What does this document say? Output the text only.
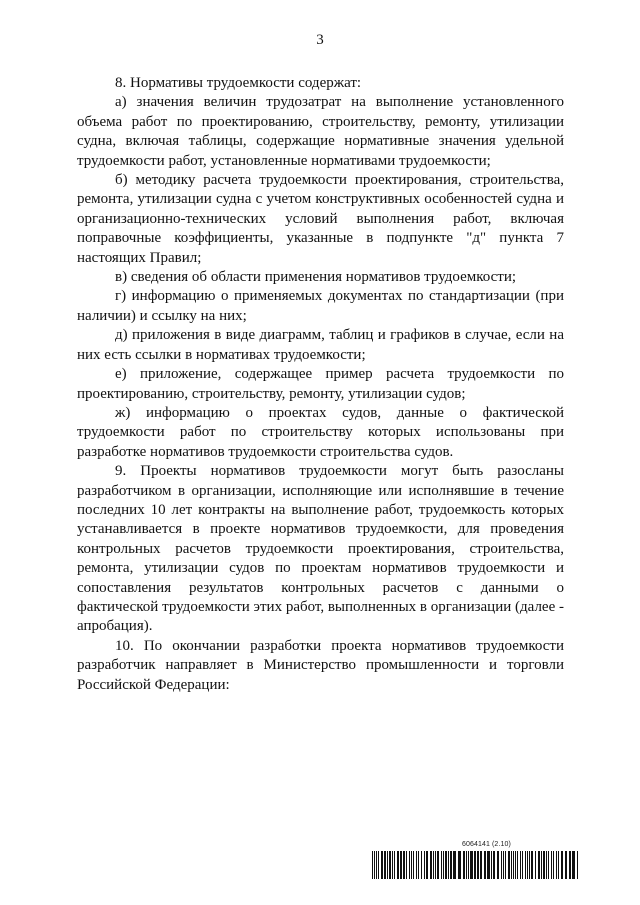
3

8. Нормативы трудоемкости содержат:

а) значения величин трудозатрат на выполнение установленного объема работ по проектированию, строительству, ремонту, утилизации судна, включая таблицы, содержащие нормативные значения удельной трудоемкости работ, установленные нормативами трудоемкости;

б) методику расчета трудоемкости проектирования, строительства, ремонта, утилизации судна с учетом конструктивных особенностей судна и организационно-технических условий выполнения работ, включая поправочные коэффициенты, указанные в подпункте "д" пункта 7 настоящих Правил;

в) сведения об области применения нормативов трудоемкости;

г) информацию о применяемых документах по стандартизации (при наличии) и ссылку на них;

д) приложения в виде диаграмм, таблиц и графиков в случае, если на них есть ссылки в нормативах трудоемкости;

е) приложение, содержащее пример расчета трудоемкости по проектированию, строительству, ремонту, утилизации судов;

ж) информацию о проектах судов, данные о фактической трудоемкости работ по строительству которых использованы при разработке нормативов трудоемкости строительства судов.

9. Проекты нормативов трудоемкости могут быть разосланы разработчиком в организации, исполняющие или исполнявшие в течение последних 10 лет контракты на выполнение работ, трудоемкость которых устанавливается в проекте нормативов трудоемкости, для проведения контрольных расчетов трудоемкости проектирования, строительства, ремонта, утилизации судов по проектам нормативов трудоемкости и сопоставления результатов контрольных расчетов с данными о фактической трудоемкости этих работ, выполненных в организации (далее - апробация).

10. По окончании разработки проекта нормативов трудоемкости разработчик направляет в Министерство промышленности и торговли Российской Федерации:

6064141 (2.10)
